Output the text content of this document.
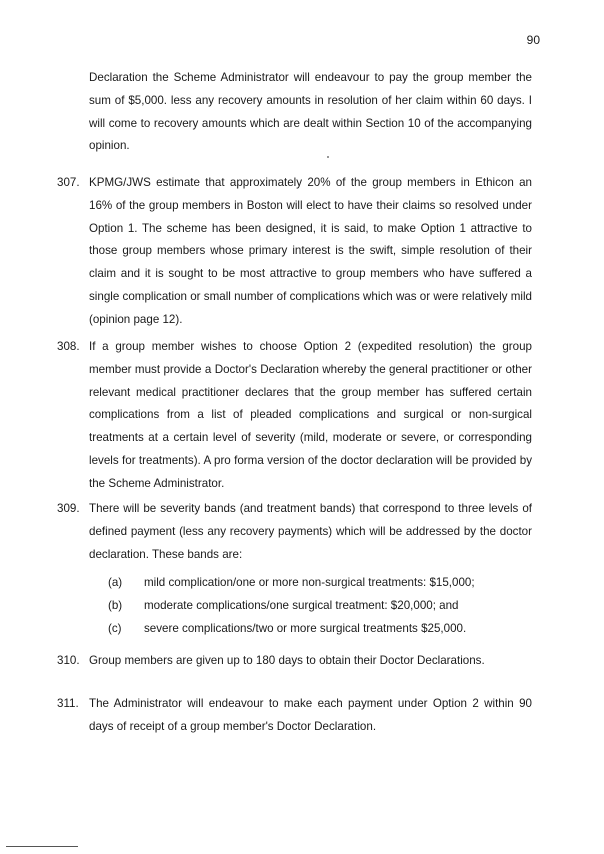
90

Declaration the Scheme Administrator will endeavour to pay the group member the sum of $5,000. less any recovery amounts in resolution of her claim within 60 days. I will come to recovery amounts which are dealt within Section 10 of the accompanying opinion.

307. KPMG/JWS estimate that approximately 20% of the group members in Ethicon an 16% of the group members in Boston will elect to have their claims so resolved under Option 1. The scheme has been designed, it is said, to make Option 1 attractive to those group members whose primary interest is the swift, simple resolution of their claim and it is sought to be most attractive to group members who have suffered a single complication or small number of complications which was or were relatively mild (opinion page 12).
308. If a group member wishes to choose Option 2 (expedited resolution) the group member must provide a Doctor's Declaration whereby the general practitioner or other relevant medical practitioner declares that the group member has suffered certain complications from a list of pleaded complications and surgical or non-surgical treatments at a certain level of severity (mild, moderate or severe, or corresponding levels for treatments). A pro forma version of the doctor declaration will be provided by the Scheme Administrator.
309. There will be severity bands (and treatment bands) that correspond to three levels of defined payment (less any recovery payments) which will be addressed by the doctor declaration. These bands are:
(a) mild complication/one or more non-surgical treatments: $15,000;
(b) moderate complications/one surgical treatment: $20,000; and
(c) severe complications/two or more surgical treatments $25,000.
310. Group members are given up to 180 days to obtain their Doctor Declarations.
311. The Administrator will endeavour to make each payment under Option 2 within 90 days of receipt of a group member's Doctor Declaration.
